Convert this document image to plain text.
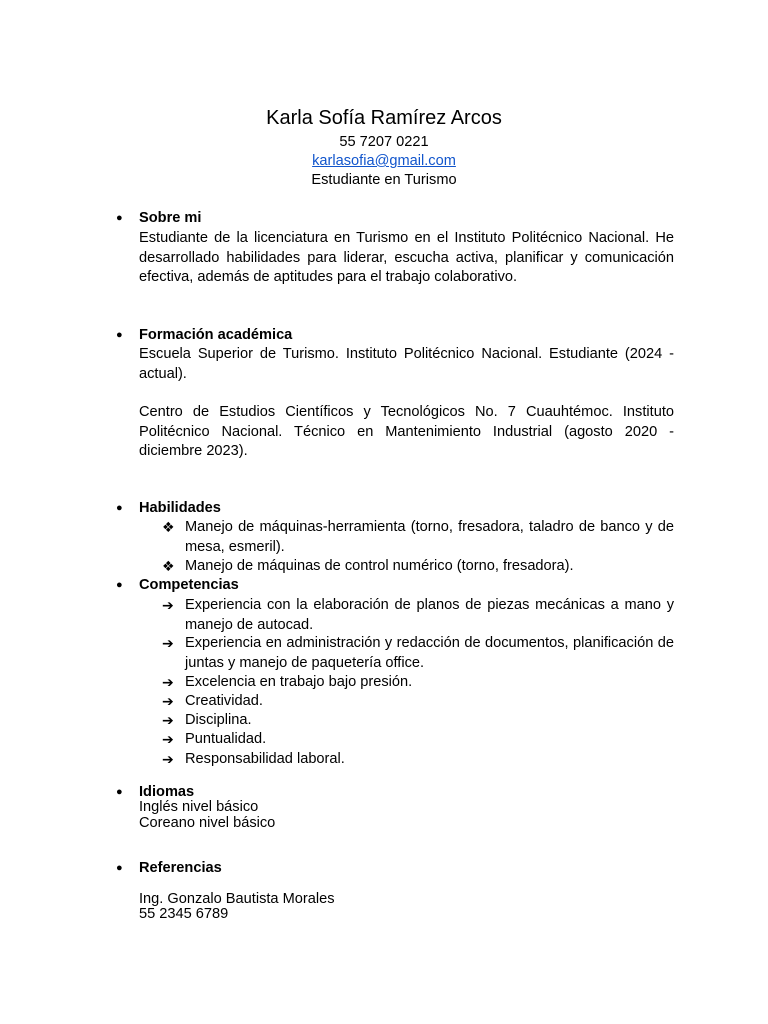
Karla Sofía Ramírez Arcos
55 7207 0221
karlasofia@gmail.com
Estudiante en Turismo
● Sobre mi
Estudiante de la licenciatura en Turismo en el Instituto Politécnico Nacional. He desarrollado habilidades para liderar, escucha activa, planificar y comunicación efectiva, además de aptitudes para el trabajo colaborativo.
● Formación académica
Escuela Superior de Turismo. Instituto Politécnico Nacional. Estudiante (2024 - actual).
Centro de Estudios Científicos y Tecnológicos No. 7 Cuauhtémoc. Instituto Politécnico Nacional. Técnico en Mantenimiento Industrial (agosto 2020 - diciembre 2023).
● Habilidades
❖ Manejo de máquinas-herramienta (torno, fresadora, taladro de banco y de mesa, esmeril).
❖ Manejo de máquinas de control numérico (torno, fresadora).
● Competencias
➔ Experiencia con la elaboración de planos de piezas mecánicas a mano y manejo de autocad.
➔ Experiencia en administración y redacción de documentos, planificación de juntas y manejo de paquetería office.
➔ Excelencia en trabajo bajo presión.
➔ Creatividad.
➔ Disciplina.
➔ Puntualidad.
➔ Responsabilidad laboral.
● Idiomas
Inglés nivel básico
Coreano nivel básico
● Referencias
Ing. Gonzalo Bautista Morales
55 2345 6789
